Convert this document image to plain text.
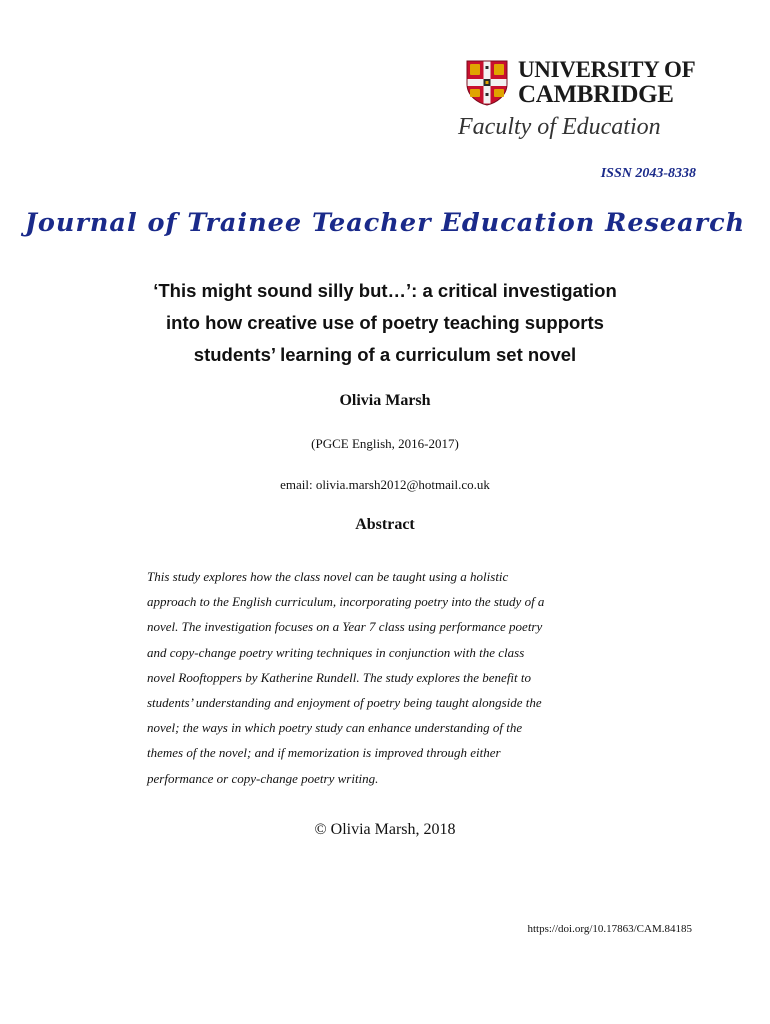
UNIVERSITY OF
CAMBRIDGE
Faculty of Education
ISSN 2043-8338
Journal of Trainee Teacher Education Research
‘This might sound silly but…’: a critical investigation
into how creative use of poetry teaching supports
students’ learning of a curriculum set novel
Olivia Marsh
(PGCE English, 2016-2017)
email: olivia.marsh2012@hotmail.co.uk
Abstract
This study explores how the class novel can be taught using a holistic
approach to the English curriculum, incorporating poetry into the study of a
novel. The investigation focuses on a Year 7 class using performance poetry
and copy-change poetry writing techniques in conjunction with the class
novel Rooftoppers by Katherine Rundell. The study explores the benefit to
students’ understanding and enjoyment of poetry being taught alongside the
novel; the ways in which poetry study can enhance understanding of the
themes of the novel; and if memorization is improved through either
performance or copy-change poetry writing.
© Olivia Marsh, 2018
https://doi.org/10.17863/CAM.84185
